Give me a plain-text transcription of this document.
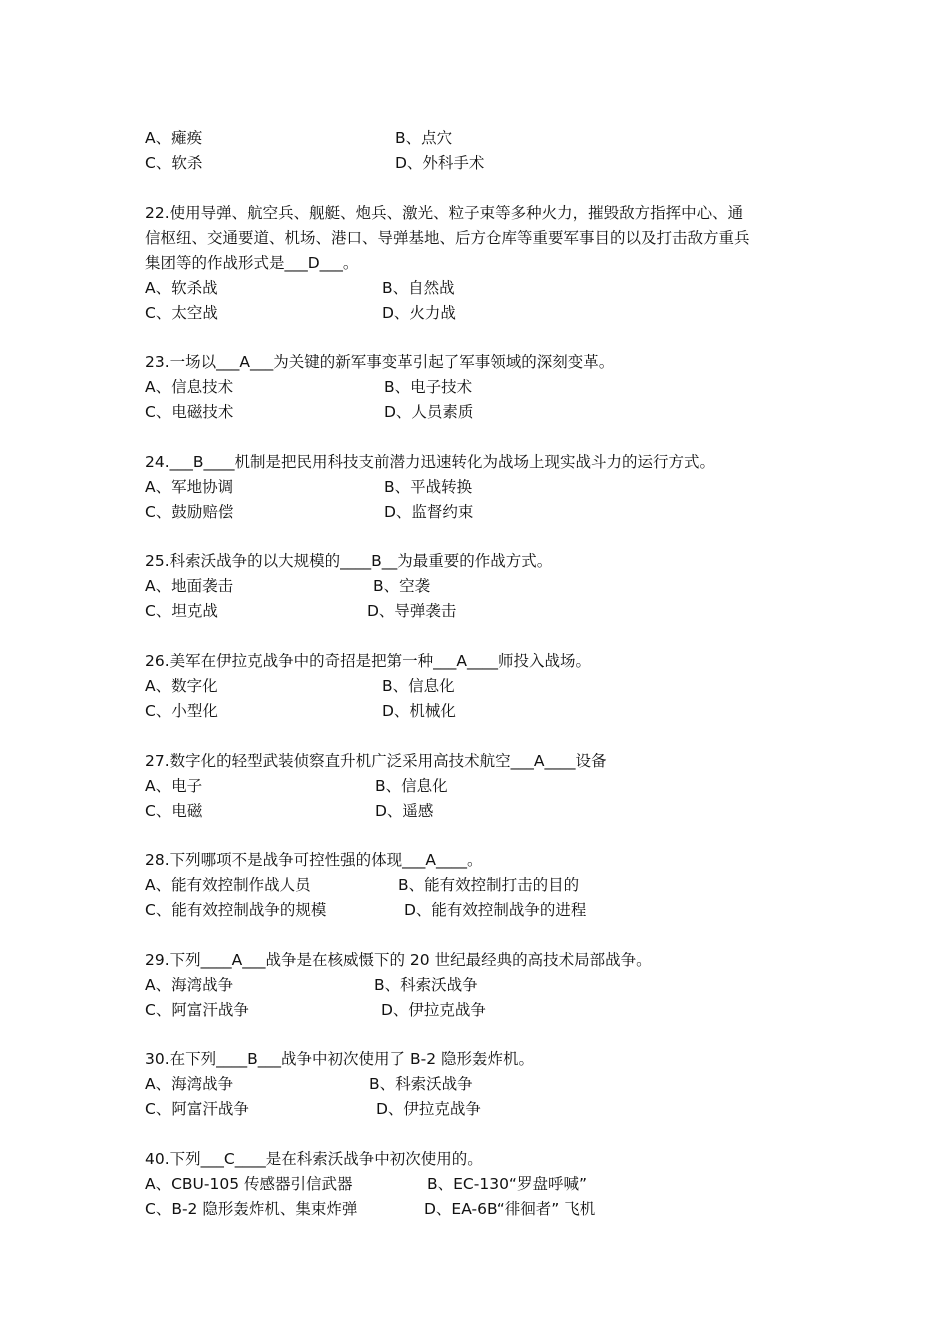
A、瘫痪	B、点穴
C、软杀	D、外科手术
22.使用导弹、航空兵、舰艇、炮兵、激光、粒子束等多种火力，摧毁敌方指挥中心、通
信枢纽、交通要道、机场、港口、导弹基地、后方仓库等重要军事目的以及打击敌方重兵
集团等的作战形式是___D___。
A、软杀战	B、自然战
C、太空战	D、火力战
23.一场以___A___为关键的新军事变革引起了军事领域的深刻变革。
A、信息技术	B、电子技术
C、电磁技术	D、人员素质
24.___B____机制是把民用科技支前潜力迅速转化为战场上现实战斗力的运行方式。
A、军地协调	B、平战转换
C、鼓励赔偿	D、监督约束
25.科索沃战争的以大规模的____B__为最重要的作战方式。
A、地面袭击	B、空袭
C、坦克战	D、导弹袭击
26.美军在伊拉克战争中的奇招是把第一种___A____师投入战场。
A、数字化	B、信息化
C、小型化	D、机械化
27.数字化的轻型武装侦察直升机广泛采用高技术航空___A____设备
A、电子	B、信息化
C、电磁	D、遥感
28.下列哪项不是战争可控性强的体现___A____。
A、能有效控制作战人员	B、能有效控制打击的目的
C、能有效控制战争的规模	D、能有效控制战争的进程
29.下列____A___战争是在核威慑下的 20 世纪最经典的高技术局部战争。
A、海湾战争	B、科索沃战争
C、阿富汗战争	D、伊拉克战争
30.在下列____B___战争中初次使用了 B-2 隐形轰炸机。
A、海湾战争	B、科索沃战争
C、阿富汗战争	D、伊拉克战争
40.下列___C____是在科索沃战争中初次使用的。
A、CBU-105 传感器引信武器	B、EC-130“罗盘呼喊”
C、B-2 隐形轰炸机、集束炸弹	D、EA-6B“徘徊者” 飞机
